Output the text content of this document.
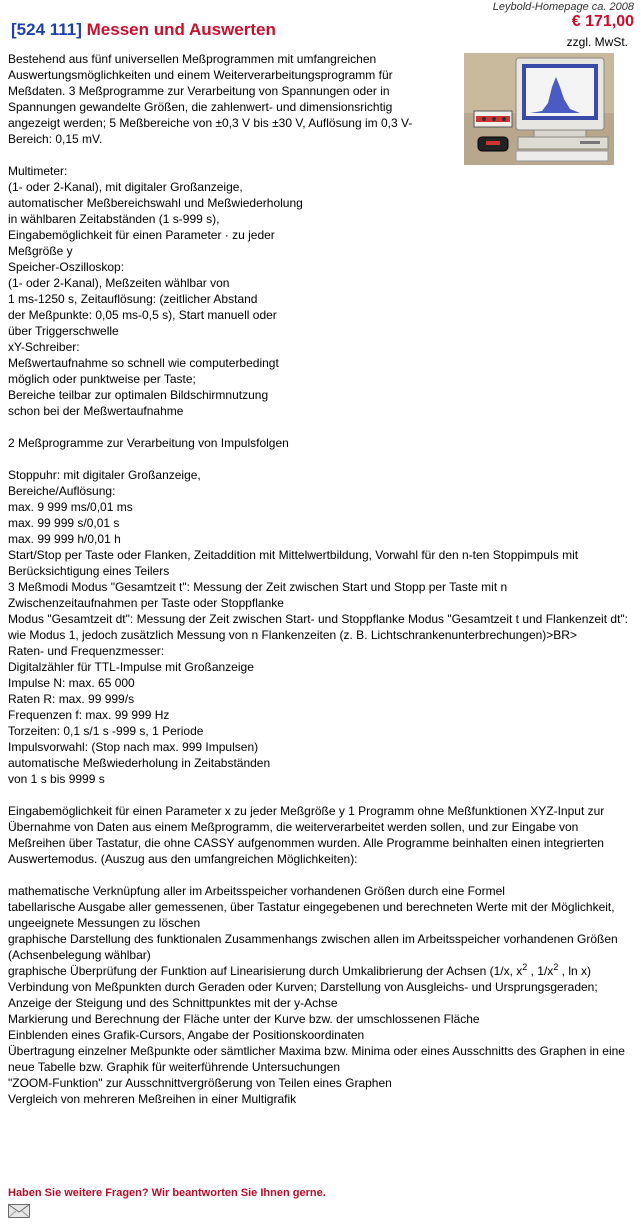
Leybold-Homepage ca. 2008
€ 171,00
zzgl. MwSt.
[524 111] Messen und Auswerten

Bestehend aus fünf universellen Meßprogrammen mit umfangreichen Auswertungsmöglichkeiten und einem Weiterverarbeitungsprogramm für Meßdaten. 3 Meßprogramme zur Verarbeitung von Spannungen oder in Spannungen gewandelte Größen, die zahlenwert- und dimensionsrichtig angezeigt werden; 5 Meßbereiche von ±0,3 V bis ±30 V, Auflösung im 0,3 V-Bereich: 0,15 mV.

Multimeter:
(1- oder 2-Kanal), mit digitaler Großanzeige,
automatischer Meßbereichswahl und Meßwiederholung
in wählbaren Zeitabständen (1 s-999 s),
Eingabemöglichkeit für einen Parameter · zu jeder
Meßgröße y
Speicher-Oszilloskop:
(1- oder 2-Kanal), Meßzeiten wählbar von
1 ms-1250 s, Zeitauflösung: (zeitlicher Abstand
der Meßpunkte: 0,05 ms-0,5 s), Start manuell oder
über Triggerschwelle
xY-Schreiber:
Meßwertaufnahme so schnell wie computerbedingt
möglich oder punktweise per Taste;
Bereiche teilbar zur optimalen Bildschirmnutzung
schon bei der Meßwertaufnahme

2 Meßprogramme zur Verarbeitung von Impulsfolgen

Stoppuhr: mit digitaler Großanzeige,
Bereiche/Auflösung:
max. 9 999 ms/0,01 ms
max. 99 999 s/0,01 s
max. 99 999 h/0,01 h
Start/Stop per Taste oder Flanken, Zeitaddition mit Mittelwertbildung, Vorwahl für den n-ten Stoppimpuls mit Berücksichtigung eines Teilers
3 Meßmodi Modus "Gesamtzeit t": Messung der Zeit zwischen Start und Stopp per Taste mit n Zwischenzeitaufnahmen per Taste oder Stoppflanke
Modus "Gesamtzeit dt": Messung der Zeit zwischen Start- und Stoppflanke Modus "Gesamtzeit t und Flankenzeit dt": wie Modus 1, jedoch zusätzlich Messung von n Flankenzeiten (z. B. Lichtschrankenunterbrechungen)>BR>
Raten- und Frequenzmesser:
Digitalzähler für TTL-Impulse mit Großanzeige
Impulse N: max. 65 000
Raten R: max. 99 999/s
Frequenzen f: max. 99 999 Hz
Torzeiten: 0,1 s/1 s -999 s, 1 Periode
Impulsvorwahl: (Stop nach max. 999 Impulsen)
automatische Meßwiederholung in Zeitabständen
von 1 s bis 9999 s

Eingabemöglichkeit für einen Parameter x zu jeder Meßgröße y 1 Programm ohne Meßfunktionen XYZ-Input zur Übernahme von Daten aus einem Meßprogramm, die weiterverarbeitet werden sollen, und zur Eingabe von Meßreihen über Tastatur, die ohne CASSY aufgenommen wurden. Alle Programme beinhalten einen integrierten Auswertemodus. (Auszug aus den umfangreichen Möglichkeiten):

mathematische Verknüpfung aller im Arbeitsspeicher vorhandenen Größen durch eine Formel
tabellarische Ausgabe aller gemessenen, über Tastatur eingegebenen und berechneten Werte mit der Möglichkeit, ungeeignete Messungen zu löschen
graphische Darstellung des funktionalen Zusammenhangs zwischen allen im Arbeitsspeicher vorhandenen Größen (Achsenbelegung wählbar)

graphische Überprüfung der Funktion auf Linearisierung durch Umkalibrierung der Achsen (1/x, $x^2$ , $1/x^2$ , ln x)
Verbindung von Meßpunkten durch Geraden oder Kurven; Darstellung von Ausgleichs- und Ursprungsgeraden; Anzeige der Steigung und des Schnittpunktes mit der y-Achse
Markierung und Berechnung der Fläche unter der Kurve bzw. der umschlossenen Fläche
Einblenden eines Grafik-Cursors, Angabe der Positionskoordinaten
Übertragung einzelner Meßpunkte oder sämtlicher Maxima bzw. Minima oder eines Ausschnitts des Graphen in eine neue Tabelle bzw. Graphik für weiterführende Untersuchungen
"ZOOM-Funktion" zur Ausschnittvergrößerung von Teilen eines Graphen
Vergleich von mehreren Meßreihen in einer Multigrafik
Haben Sie weitere Fragen? Wir beantworten Sie Ihnen gerne.
